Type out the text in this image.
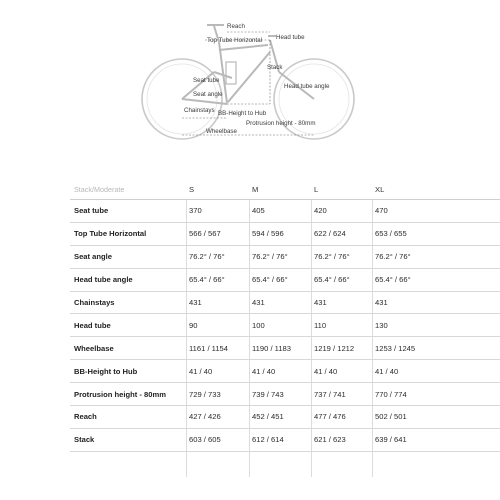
Reach
Top Tube Horizontal Head tube
Stack
Seat tube
Seat angle
Head tube angle
Chainstays BB-Height to Hub
Protrusion height - 80mm
Wheelbase
Stack/Moderate	S	M	L	XL
Seat tube	370	405	420	470
Top Tube Horizontal	566 / 567	594 / 596	622 / 624	653 / 655
Seat angle	76.2° / 76°	76.2° / 76°	76.2° / 76°	76.2° / 76°
Head tube angle	65.4° / 66°	65.4° / 66°	65.4° / 66°	65.4° / 66°
Chainstays	431	431	431	431
Head tube	90	100	110	130
Wheelbase	1161 / 1154	1190 / 1183	1219 / 1212	1253 / 1245
BB-Height to Hub	41 / 40	41 / 40	41 / 40	41 / 40
Protrusion height - 80mm	729 / 733	739 / 743	737 / 741	770 / 774
Reach	427 / 426	452 / 451	477 / 476	502 / 501
Stack	603 / 605	612 / 614	621 / 623	639 / 641
